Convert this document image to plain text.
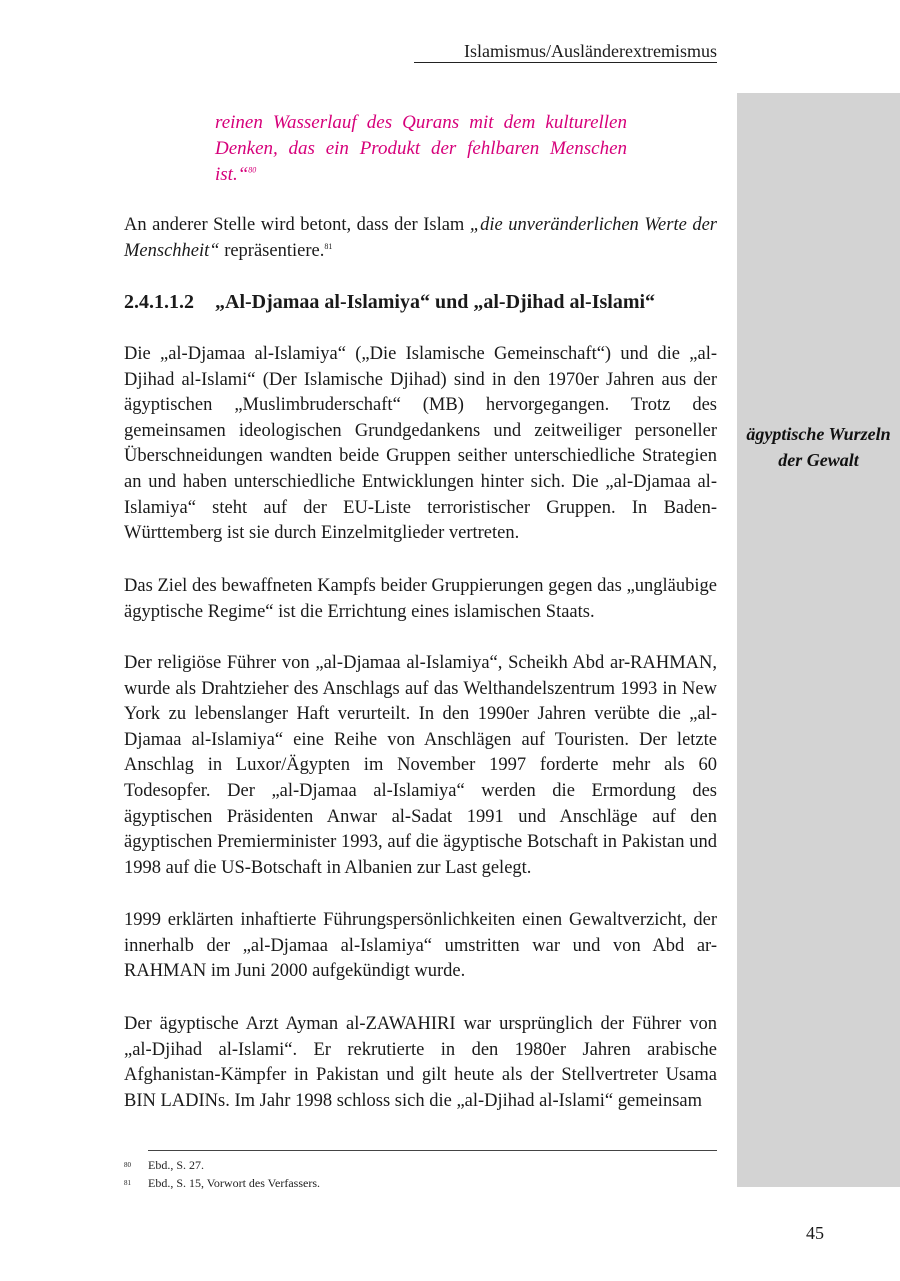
Islamismus/Ausländerextremismus
ägyptische Wurzeln der Gewalt
reinen Wasserlauf des Qurans mit dem kulturellen Denken, das ein Produkt der fehlbaren Menschen ist.“$^{80}$
An anderer Stelle wird betont, dass der Islam „die unveränderlichen Werte der Menschheit“ repräsentiere.$^{81}$
2.4.1.1.2 „Al-Djamaa al-Islamiya“ und „al-Djihad al-Islami“
Die „al-Djamaa al-Islamiya“ („Die Islamische Gemeinschaft“) und die „al-Djihad al-Islami“ (Der Islamische Djihad) sind in den 1970er Jahren aus der ägyptischen „Muslimbruderschaft“ (MB) hervorgegangen. Trotz des gemeinsamen ideologischen Grundgedankens und zeitweiliger personeller Überschneidungen wandten beide Gruppen seither unterschiedliche Strategien an und haben unterschiedliche Entwicklungen hinter sich. Die „al-Djamaa al-Islamiya“ steht auf der EU-Liste terroristischer Gruppen. In Baden-Württemberg ist sie durch Einzelmitglieder vertreten.
Das Ziel des bewaffneten Kampfs beider Gruppierungen gegen das „ungläubige ägyptische Regime“ ist die Errichtung eines islamischen Staats.
Der religiöse Führer von „al-Djamaa al-Islamiya“, Scheikh Abd ar-RAHMAN, wurde als Drahtzieher des Anschlags auf das Welthandelszentrum 1993 in New York zu lebenslanger Haft verurteilt. In den 1990er Jahren verübte die „al-Djamaa al-Islamiya“ eine Reihe von Anschlägen auf Touristen. Der letzte Anschlag in Luxor/Ägypten im November 1997 forderte mehr als 60 Todesopfer. Der „al-Djamaa al-Islamiya“ werden die Ermordung des ägyptischen Präsidenten Anwar al-Sadat 1991 und Anschläge auf den ägyptischen Premierminister 1993, auf die ägyptische Botschaft in Pakistan und 1998 auf die US-Botschaft in Albanien zur Last gelegt.
1999 erklärten inhaftierte Führungspersönlichkeiten einen Gewaltverzicht, der innerhalb der „al-Djamaa al-Islamiya“ umstritten war und von Abd ar-RAHMAN im Juni 2000 aufgekündigt wurde.
Der ägyptische Arzt Ayman al-ZAWAHIRI war ursprünglich der Führer von „al-Djihad al-Islami“. Er rekrutierte in den 1980er Jahren arabische Afghanistan-Kämpfer in Pakistan und gilt heute als der Stellvertreter Usama BIN LADINs. Im Jahr 1998 schloss sich die „al-Djihad al-Islami“ gemeinsam
80 Ebd., S. 27.
81 Ebd., S. 15, Vorwort des Verfassers.
45
